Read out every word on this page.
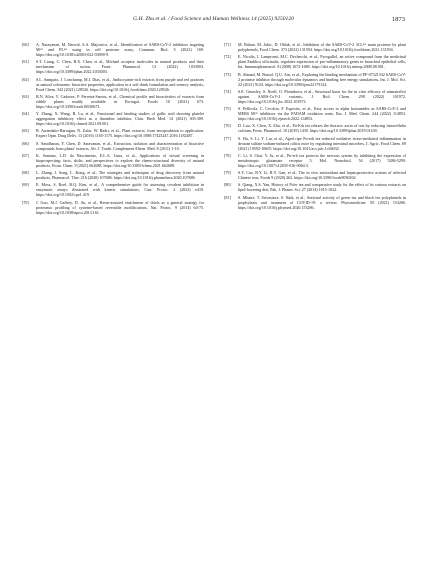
G.H. Zhu et al. / Food Science and Human Wellness 14 (2025) 9250120	1873
[60]	A. Narayanan, M. Narwal, S.A. Majowicz, et al., Identification of SARS-CoV-2 inhibitors targeting Mᵖʳᵒ and PLᵖʳᵒ using in cell protease assay, Commun. Biol. 5 (2022) 169. https://doi.org/10.1038/s42003-022-03090-9.
[61]	S.T. Liang, C. Chen, R.X. Chen, et al., Michael acceptor molecules in natural products and their mechanism of action, Front. Pharmacol. 13 (2022) 1033003. https://doi.org/10.3389/fphar.2022.1033003.
[62]	S.L. Sampaio, J. Lonchamp, M.I. Dias, et al., Anthocyanin-rich extracts from purple and red potatoes as natural colourants: bioactive properties, application in a soft drink formulation and sensory analysis, Food Chem. 342 (2021) 128526. https://doi.org/10.1016/j.foodchem.2020.128526.
[63]	B.N. Silva, V. Cadavez, P. Ferreira-Santos, et al., Chemical profile and bioactivities of extracts from edible plants readily available in Portugal, Foods 10 (2021) 673. https://doi.org/10.3390/foods10030673.
[64]	Y. Zhang, X. Wang, B. Lu, et al., Functional and binding studies of gallic acid showing platelet aggregation inhibitory effect as a thrombin inhibitor, Chin. Herb Med. 14 (2021) 303-309. https://doi.org/10.1016/j.chmed.2021.09.001.
[65]	B. Arrendatio-Barragan, N. Zafar, W. Badri, et al., Plant extracts: from encapsulation to application, Expert Opin. Drug Deliv. 13 (2016) 1165-1175. https://doi.org/10.1080/17425247.2016.1182487.
[66]	S. Sasidharan, Y. Chen, D. Saravanan, et al., Extraction, isolation and characterization of bioactive compounds from plants' extracts, Afr. J. Tradit. Complement Altern. Med. 8 (2011) 1-10.
[67]	K. Santana, L.D. do Nascimento, E.L.A. Lima, et al., Applications of virtual screening in bioprospecting: facts, shifts, and perspectives to explore the chemo-structural diversity of natural products, Front. Chem. 9 (2021) 662688. https://doi.org/10.3389/fchem.2021.662688.
[68]	L. Zhang, J. Song, L. Kong, et al., The strategies and techniques of drug discovery from natural products, Pharmacol. Ther. 216 (2020) 107686. https://doi.org/10.1016/j.pharmthera.2020.107686.
[69]	E. Moss, S. Roel, R.Q. Kim, et al., A comprehensive guide for assessing covalent inhibition in enzymatic assays illustrated with kinetic simulations, Curr. Protoc. 2 (2022) e419. https://doi.org/10.1002/cpz1.419.
[70]	J. Guo, M.J. Gaffrey, D. Su, et al., Resin-assisted enrichment of thiols as a general strategy for proteomic profiling of cysteine-based reversible modifications, Nat. Protoc. 9 (2014) 64-75. https://doi.org/10.1038/nprot.2013.161.
[71]	M. Bahun, M. Jukic, D. Oblak, et al., Inhibition of the SARS-CoV-2 3CLᵖʳᵒ main protease by plant polyphenols, Food Chem. 373 (2022) 131594. https://doi.org/10.1016/j.foodchem.2021.131594.
[72]	E. Nicolis, I. Lampronti, M.C. Dechecchi, et al., Pyrogallol, an active compound from the medicinal plant Emblica officinalis, regulates expression of pro-inflammatory genes in bronchial epithelial cells, Int. Immunopharmacol. 8 (2008) 1672-1680. https://doi.org/10.1016/j.intimp.2008.08.001.
[73]	B. Ahmad, M. Batool, Q.U. Ain, et al., Exploring the binding mechanism of PF-07321332 SARS-CoV-2 protease inhibitor through molecular dynamics and binding free energy simulations, Int. J. Mol. Sci. 22 (2021) 9124. https://doi.org/10.3390/ijms22179124.
[74]	S.E. Grnasley, S. Noell, O. Plotnikova, et al., Structural basis for the in vitro efficacy of nirmatrelvir against SARS-CoV-2 variants, J. Biol. Chem. 298 (2022) 101972. https://doi.org/10.1016/j.jbc.2022.101972.
[75]	S. Pellicola, C. Cecchin, F. Esposito, et al., Easy access to alpha ketoamides as SARS-CoV-2 and MERS Mᵖʳᵒ inhibitors via the PADAM oxidation route, Eur. J. Med. Chem. 244 (2022) 114853. https://doi.org/10.1016/j.ejmech.2022.114853.
[76]	D. Luo, X. Chen, X. Zhu, et al., Pu-Erh tea relaxes the thoracic aorta of rats by reducing intracellular calcium, Front. Pharmacol. 10 (2019) 1430. https://doi.org/10.3389/fphar.2019.01430.
[77]	S. Hu, S. Li, Y. Liu, et al., Aged ripe Pu-erh tea reduced oxidative stress-mediated inflammation in dextran sulfate sodium-induced colitis mice by regulating intestinal microbes, J. Agric. Food Chem. 69 (2021) 10592-10605. https://doi.org/10.1021/acs.jafc.1c04032.
[78]	C. Li, S. Chai, Y. Ju, et al., Pu-erh tea protects the nervous system by inhibiting the expression of metabotropic glutamate receptor 5, Mol. Neurobiol. 54 (2017) 5286-5299. https://doi.org/10.1007/s12035-016-0064-3.
[79]	S.Y. Cao, B.Y. Li, R.Y. Gan, et al., The in vivo antioxidant and hepatoprotective actions of selected Chinese teas, Foods 9 (2020) 262. https://doi.org/10.3390/foods9030262.
[80]	S. Qiang, X.S. Yan, History of Pu'er tea and comparative study for the effect of its various extracts on lipid-lowering diet, Pak. J. Pharm. Sci. 27 (2014) 1015-1022.
[81]	S. Mhatre, T. Srivastava, S. Naik, et al., Antiviral activity of green tea and black tea polyphenols in prophylaxis and treatment of COVID-19: a review, Phytomedicine. 85 (2021) 153286. https://doi.org/10.1016/j.phymed.2020.153286.
